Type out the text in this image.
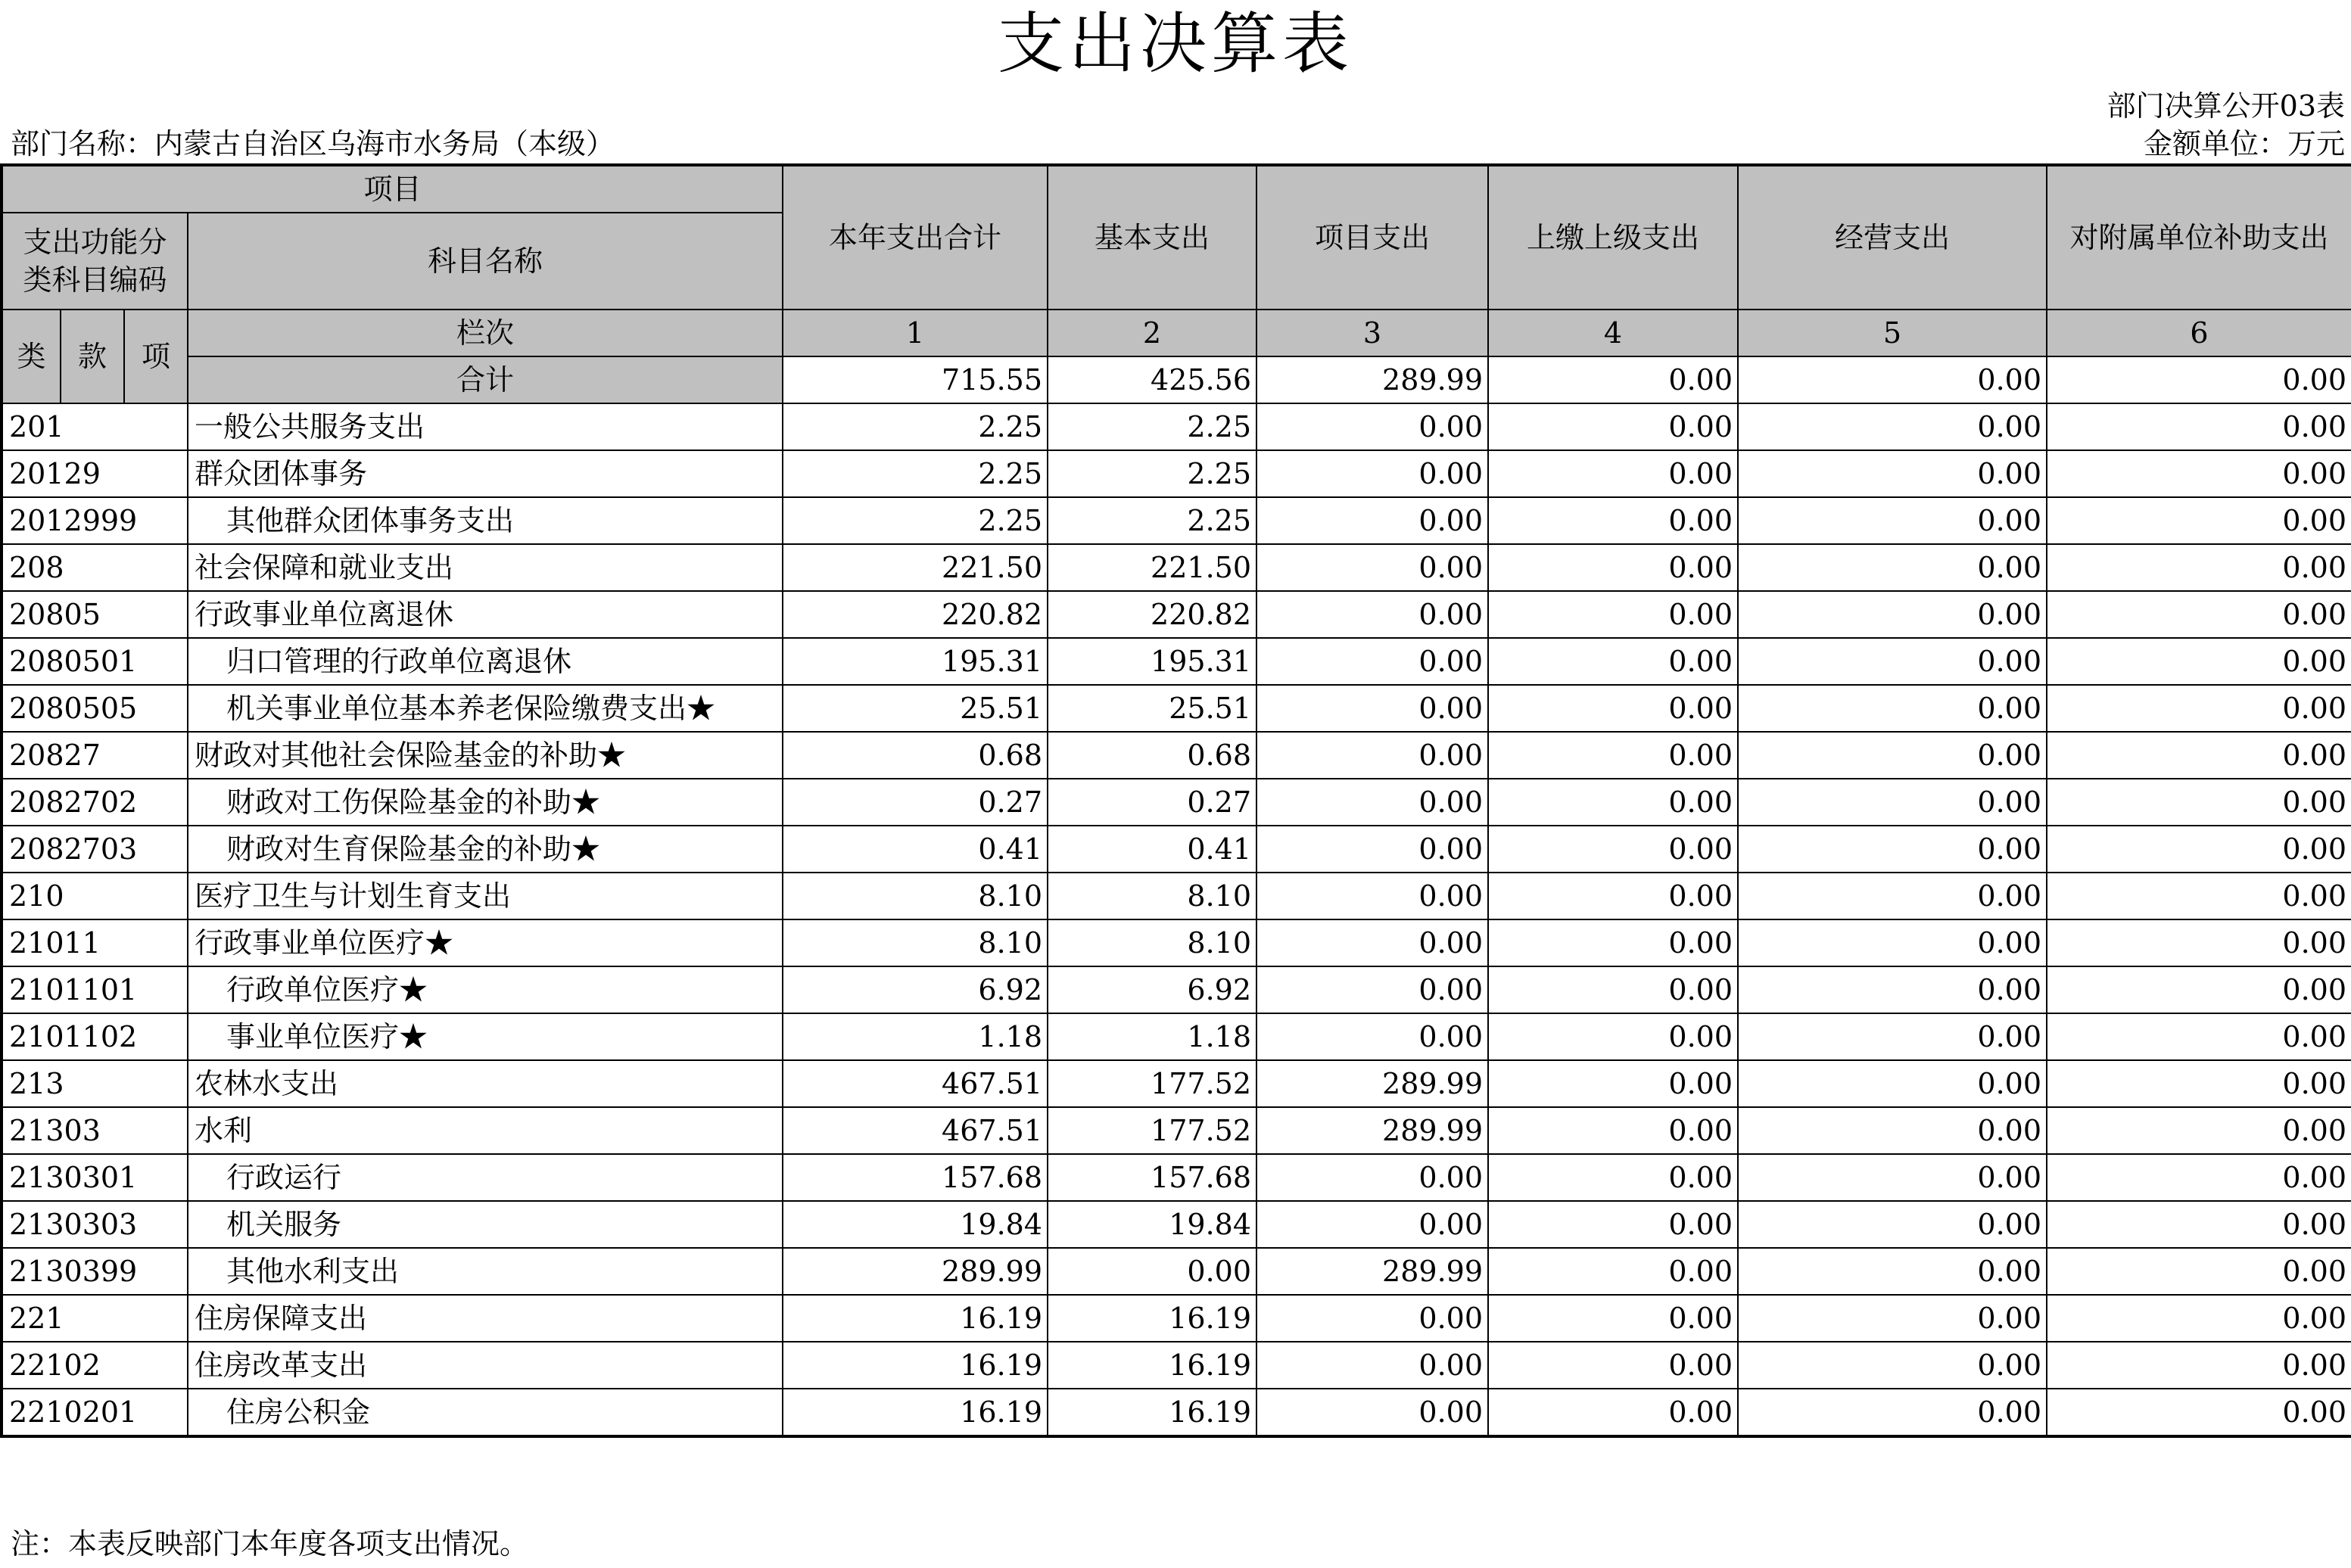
支出决算表
部门决算公开03表
部门名称：内蒙古自治区乌海市水务局（本级）	金额单位：万元
项目				本年支出合计	基本支出	项目支出	上缴上级支出	经营支出	对附属单位补助支出
支出功能分类科目编码			科目名称						

类	款	项	栏次	1	2	3	4	5	6
			合计	715.55	425.56	289.99	0.00	0.00	0.00
201			一般公共服务支出	2.25	2.25	0.00	0.00	0.00	0.00
20129			群众团体事务	2.25	2.25	0.00	0.00	0.00	0.00
2012999			其他群众团体事务支出	2.25	2.25	0.00	0.00	0.00	0.00
208			社会保障和就业支出	221.50	221.50	0.00	0.00	0.00	0.00
20805			行政事业单位离退休	220.82	220.82	0.00	0.00	0.00	0.00
2080501			归口管理的行政单位离退休	195.31	195.31	0.00	0.00	0.00	0.00
2080505			机关事业单位基本养老保险缴费支出★	25.51	25.51	0.00	0.00	0.00	0.00
20827			财政对其他社会保险基金的补助★	0.68	0.68	0.00	0.00	0.00	0.00
2082702			财政对工伤保险基金的补助★	0.27	0.27	0.00	0.00	0.00	0.00
2082703			财政对生育保险基金的补助★	0.41	0.41	0.00	0.00	0.00	0.00
210			医疗卫生与计划生育支出	8.10	8.10	0.00	0.00	0.00	0.00
21011			行政事业单位医疗★	8.10	8.10	0.00	0.00	0.00	0.00
2101101			行政单位医疗★	6.92	6.92	0.00	0.00	0.00	0.00
2101102			事业单位医疗★	1.18	1.18	0.00	0.00	0.00	0.00
213			农林水支出	467.51	177.52	289.99	0.00	0.00	0.00
21303			水利	467.51	177.52	289.99	0.00	0.00	0.00
2130301			行政运行	157.68	157.68	0.00	0.00	0.00	0.00
2130303			机关服务	19.84	19.84	0.00	0.00	0.00	0.00
2130399			其他水利支出	289.99	0.00	289.99	0.00	0.00	0.00
221			住房保障支出	16.19	16.19	0.00	0.00	0.00	0.00
22102			住房改革支出	16.19	16.19	0.00	0.00	0.00	0.00
2210201			住房公积金	16.19	16.19	0.00	0.00	0.00	0.00
注：本表反映部门本年度各项支出情况。
